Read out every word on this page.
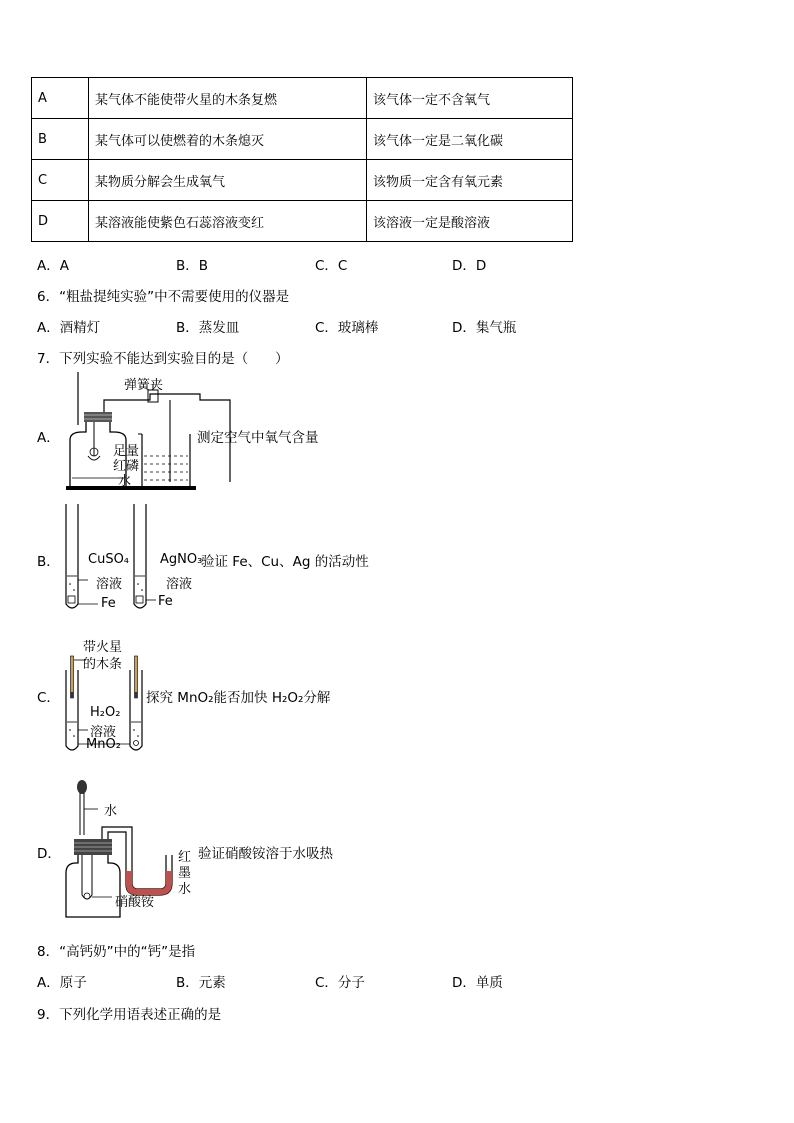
A	某气体不能使带火星的木条复燃	该气体一定不含氧气
B	某气体可以使燃着的木条熄灭	该气体一定是二氧化碳
C	某物质分解会生成氧气	该物质一定含有氧元素
D	某溶液能使紫色石蕊溶液变红	该溶液一定是酸溶液
A．A	B．B	C．C	D．D
6．“粗盐提纯实验”中不需要使用的仪器是
A．酒精灯	B．蒸发皿	C．玻璃棒	D．集气瓶
7．下列实验不能达到实验目的是（　　）
A．
弹簧夹
足量
红磷
水
测定空气中氧气含量
B． CuSO₄
溶液
Fe
AgNO₃
溶液
Fe
验证 Fe、Cu、Ag 的活动性
C．
带火星
的木条
H₂O₂
溶液
MnO₂
探究 MnO₂能否加快 H₂O₂分解
D．
水
红
墨
水
硝酸铵
验证硝酸铵溶于水吸热
8．“高钙奶”中的“钙”是指
A．原子	B．元素	C．分子	D．单质
9．下列化学用语表述正确的是
